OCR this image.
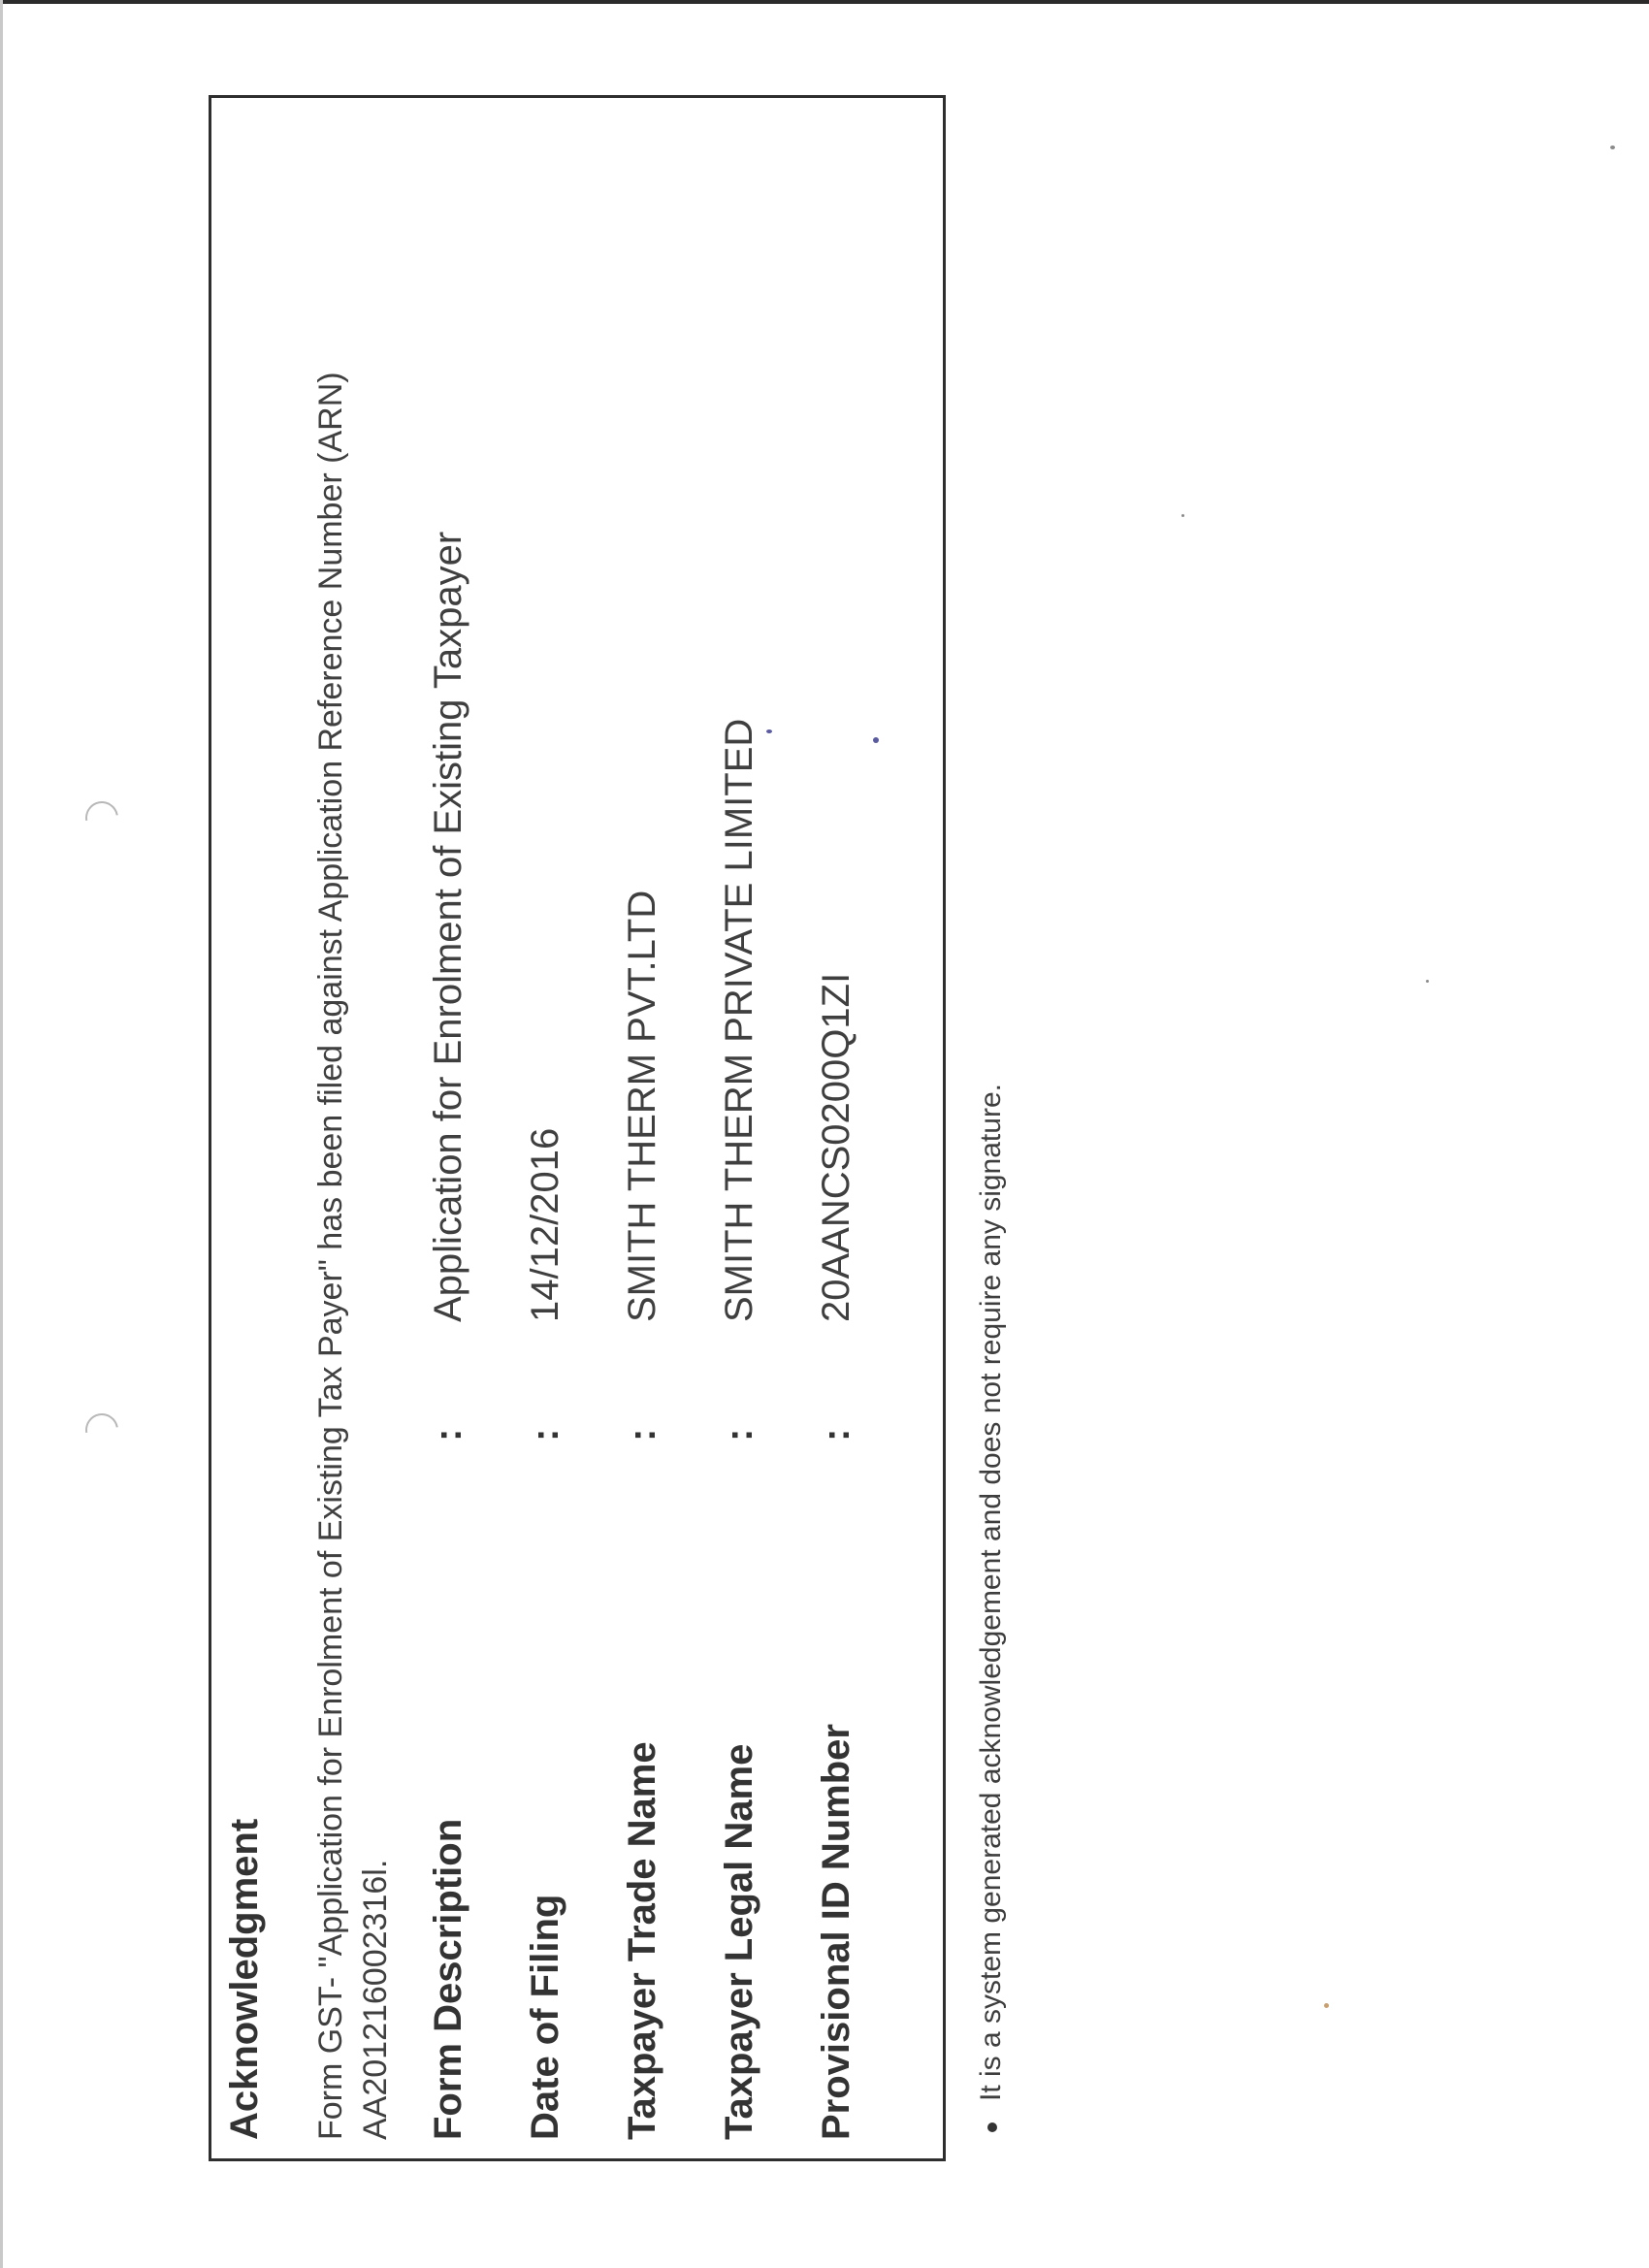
Acknowledgment Form GST- "Application for Enrolment of Existing Tax Payer" has been filed against Application Reference Number (ARN) AA201216002316l. Form Description
:
Application for Enrolment of Existing Taxpayer
Date of Filing
:
14/12/2016
Taxpayer Trade Name
:
SMITH THERM PVT.LTD
Taxpayer Legal Name
:
SMITH THERM PRIVATE LIMITED
Provisional ID Number
:
20AANCS0200Q1ZI	It is a system generated acknowledgement and does not require any signature.
